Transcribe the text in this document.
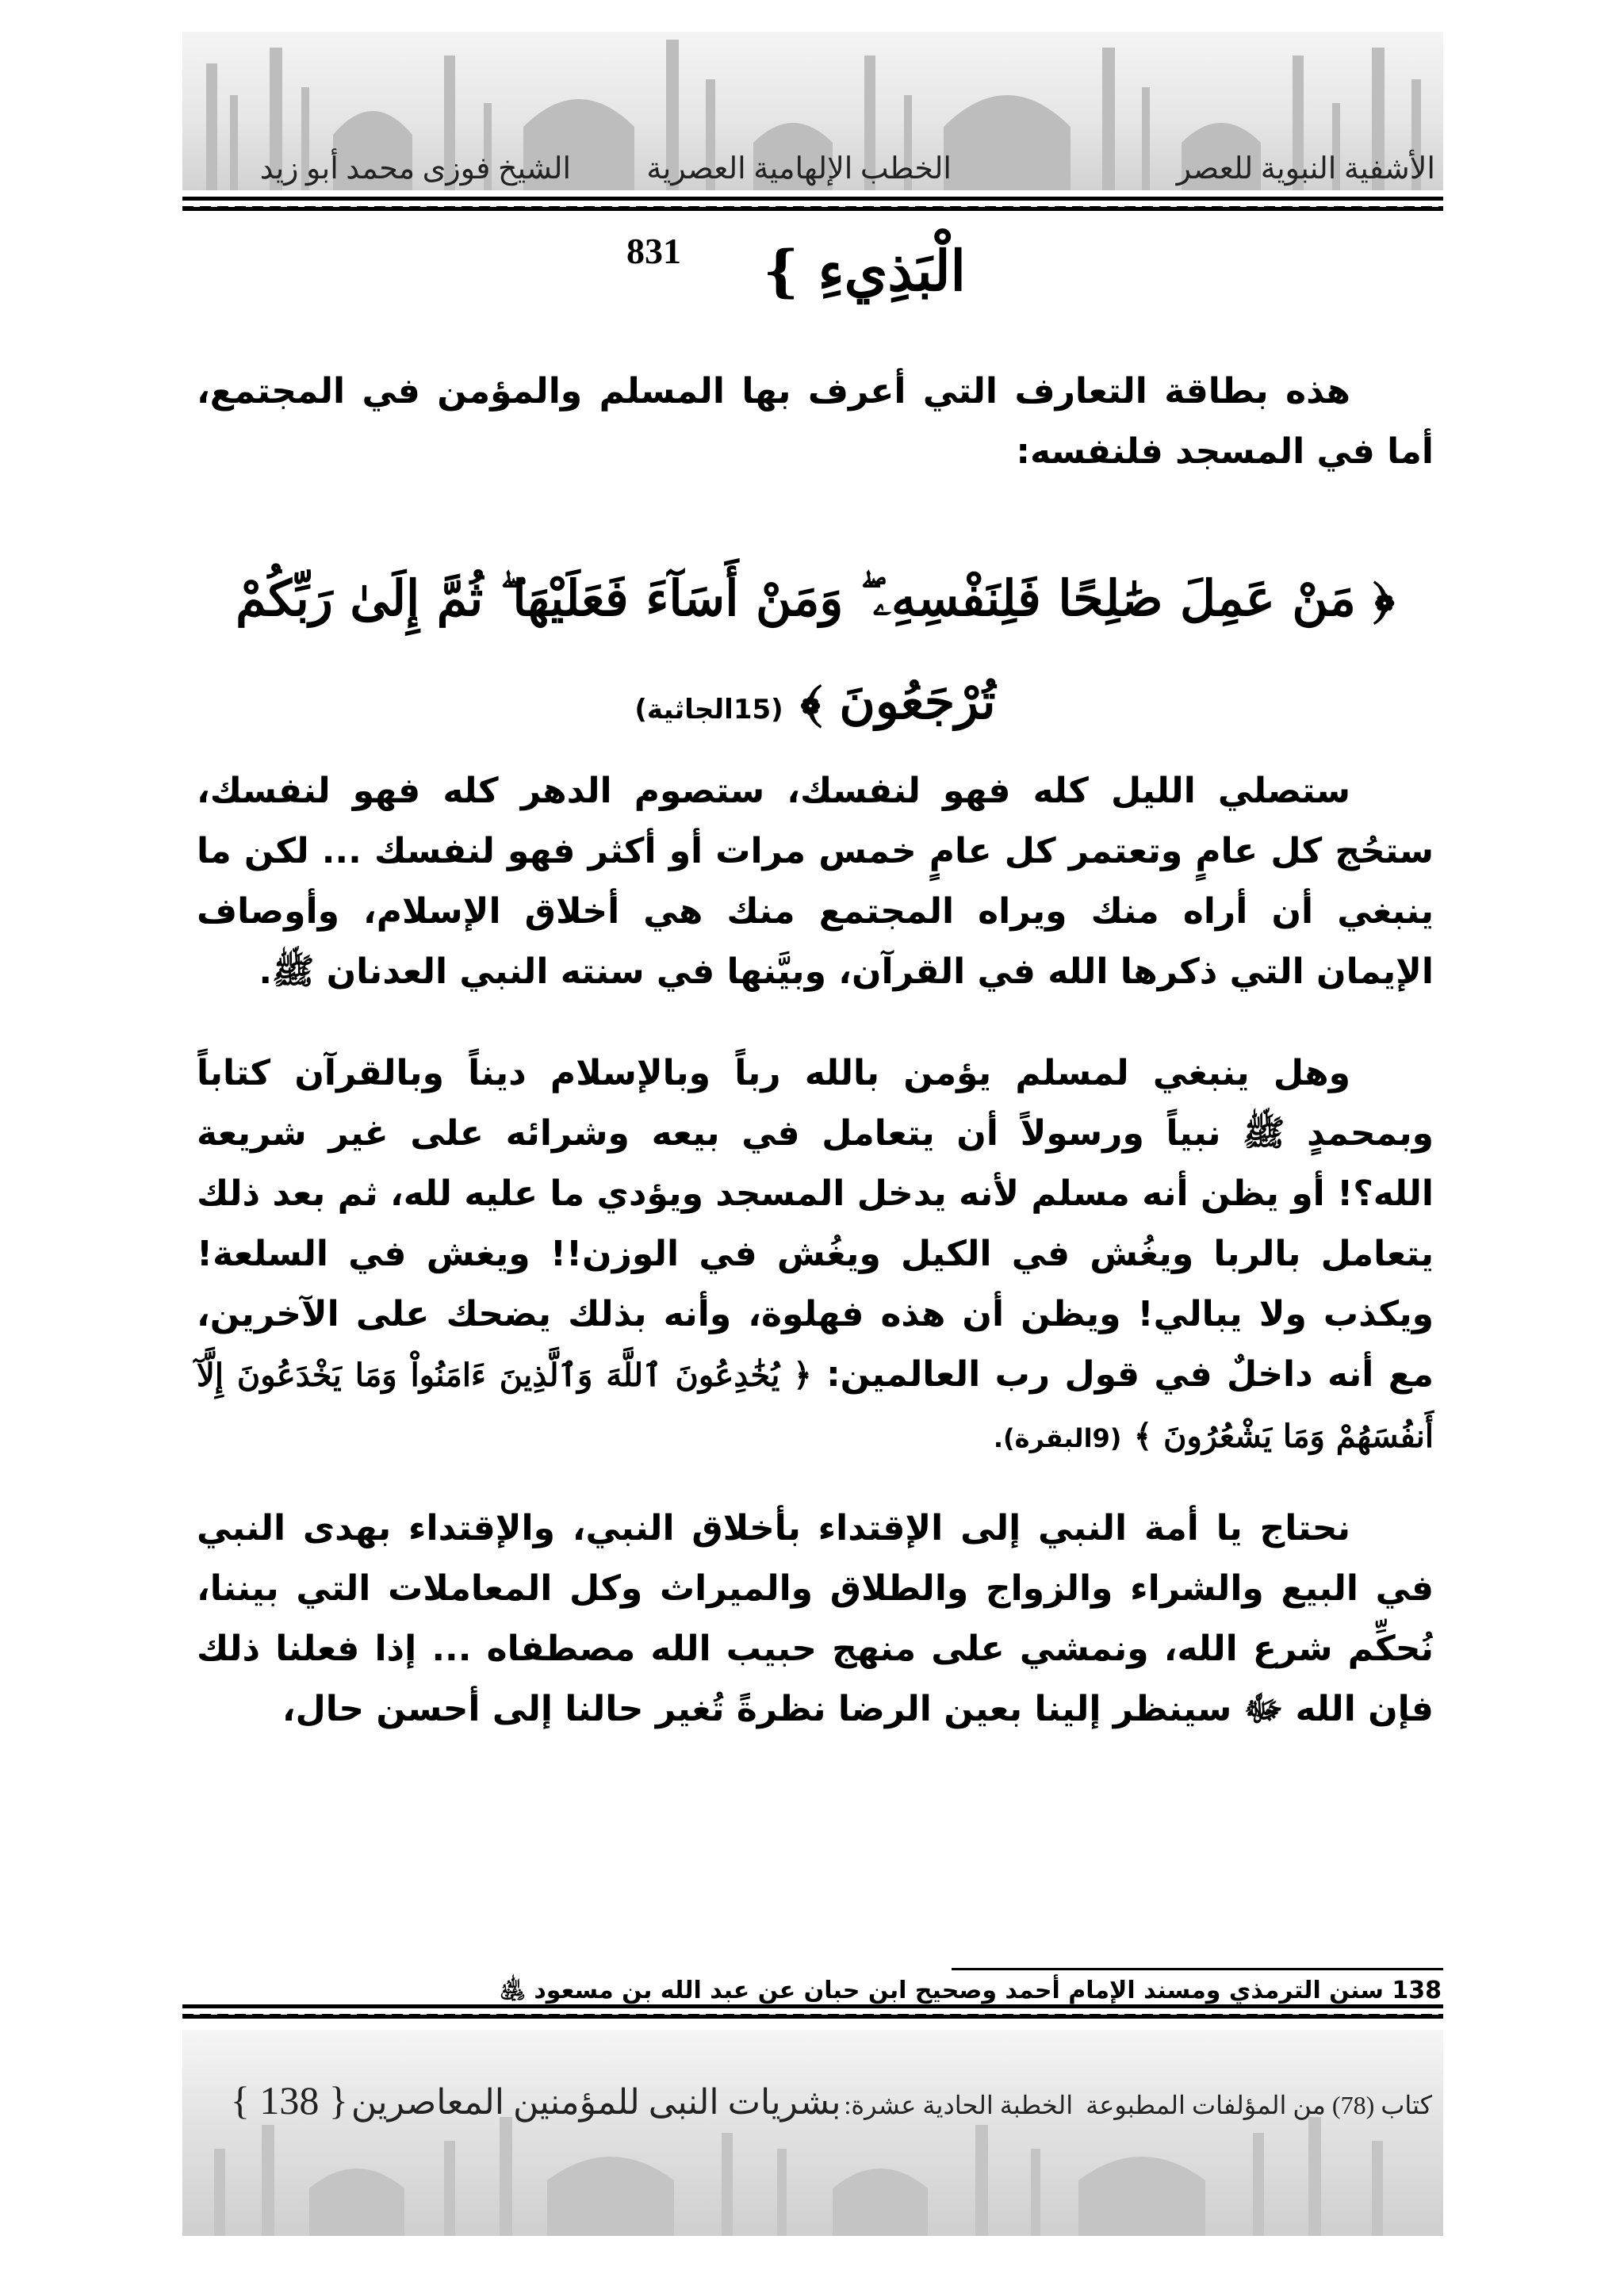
الأشفية النبوية للعصر
الخطب الإلهامية العصرية
الشيخ فوزى محمد أبو زيد
الْبَذِيءِ }
831
هذه بطاقة التعارف التي أعرف بها المسلم والمؤمن في المجتمع، أما في المسجد فلنفسه:
﴿ مَنْ عَمِلَ صَٰلِحًا فَلِنَفْسِهِۦ ۖ وَمَنْ أَسَآءَ فَعَلَيْهَا ۖ ثُمَّ إِلَىٰ رَبِّكُمْ تُرْجَعُونَ ﴾ (15الجاثية)
ستصلي الليل كله فهو لنفسك، ستصوم الدهر كله فهو لنفسك، ستحُج كل عامٍ وتعتمر كل عامٍ خمس مرات أو أكثر فهو لنفسك ... لكن ما ينبغي أن أراه منك ويراه المجتمع منك هي أخلاق الإسلام، وأوصاف الإيمان التي ذكرها الله في القرآن، وبيَّنها في سنته النبي العدنان ﷺ.
وهل ينبغي لمسلم يؤمن بالله رباً وبالإسلام ديناً وبالقرآن كتاباً وبمحمدٍ ﷺ نبياً ورسولاً أن يتعامل في بيعه وشرائه على غير شريعة الله؟! أو يظن أنه مسلم لأنه يدخل المسجد ويؤدي ما عليه لله، ثم بعد ذلك يتعامل بالربا ويغُش في الكيل ويغُش في الوزن!! ويغش في السلعة! ويكذب ولا يبالي! ويظن أن هذه فهلوة، وأنه بذلك يضحك على الآخرين، مع أنه داخلٌ في قول رب العالمين: ﴿ يُخَٰدِعُونَ ٱللَّهَ وَٱلَّذِينَ ءَامَنُواْ وَمَا يَخْدَعُونَ إِلَّآ أَنفُسَهُمْ وَمَا يَشْعُرُونَ ﴾ (9البقرة).
نحتاج يا أمة النبي إلى الإقتداء بأخلاق النبي، والإقتداء بهدى النبي في البيع والشراء والزواج والطلاق والميراث وكل المعاملات التي بيننا، نُحكِّم شرع الله، ونمشي على منهج حبيب الله مصطفاه ... إذا فعلنا ذلك فإن الله ﷻ سينظر إلينا بعين الرضا نظرةً تُغير حالنا إلى أحسن حال،
138 سنن الترمذي ومسند الإمام أحمد وصحيح ابن حبان عن عبد الله بن مسعود ﵁
كتاب (78) من المؤلفات المطبوعة    الخطبة الحادية عشرة: بشريات النبى للمؤمنين المعاصرين { 138 }
